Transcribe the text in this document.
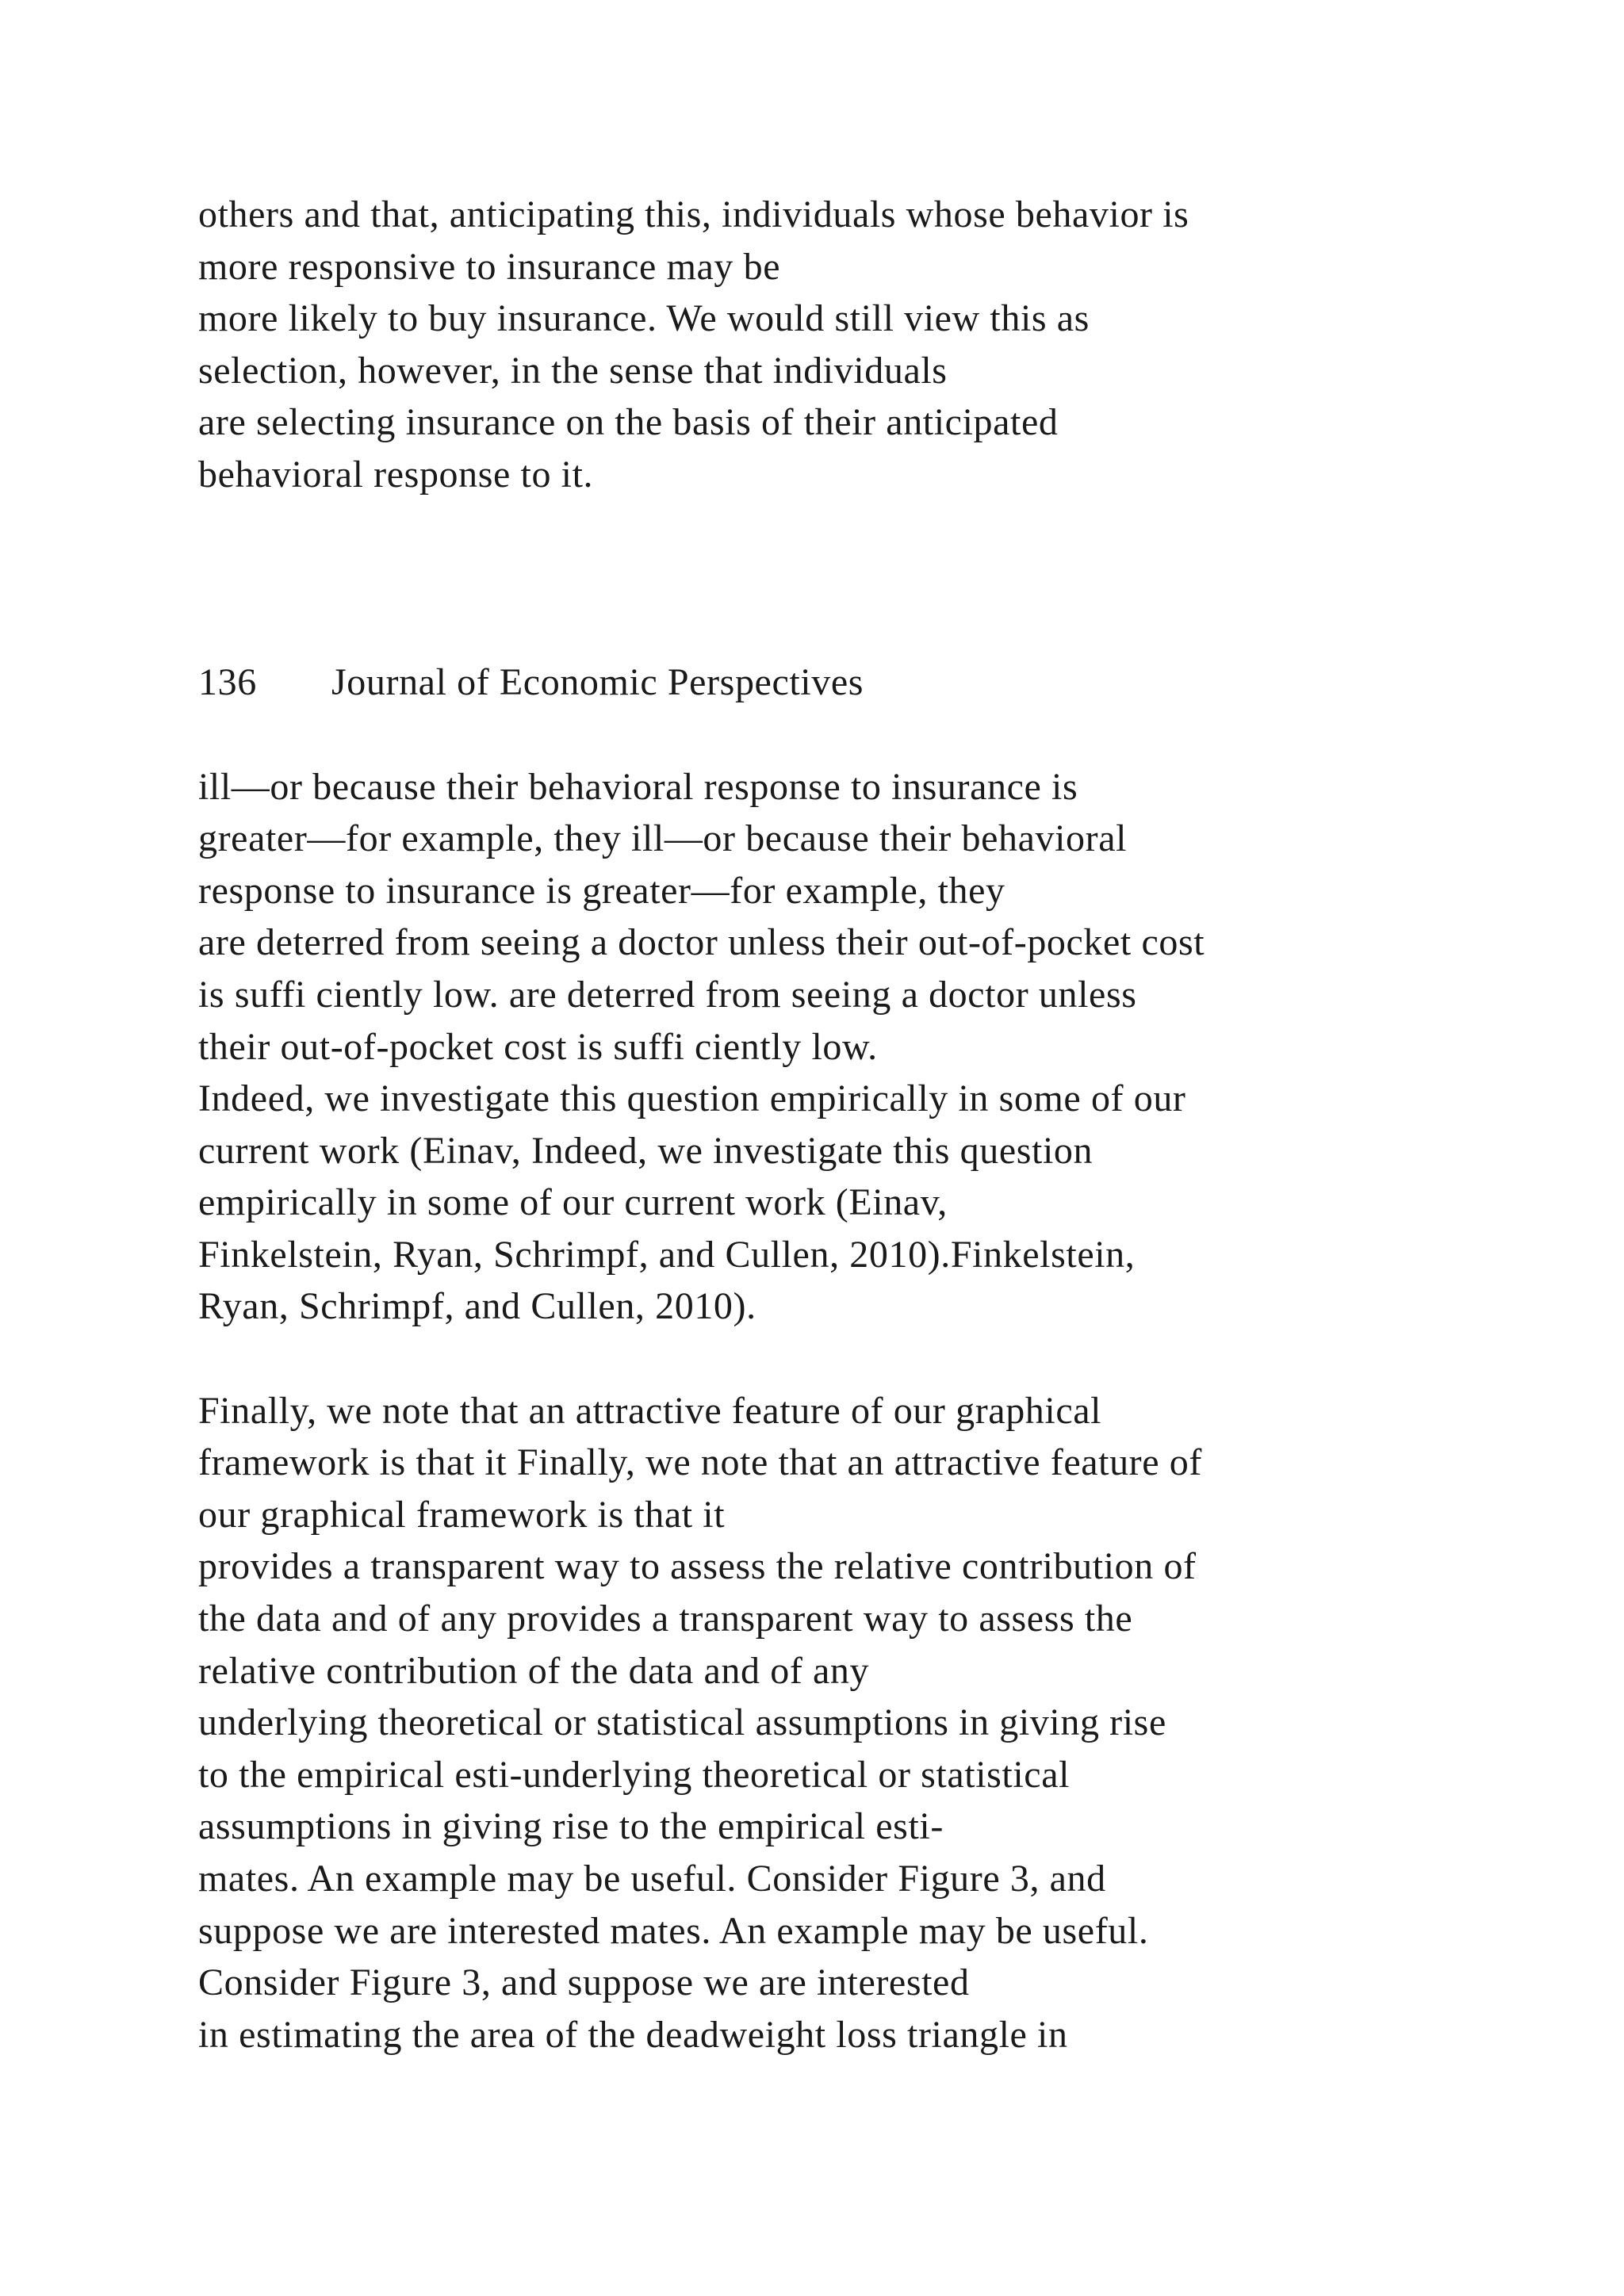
others and that, anticipating this, individuals whose behavior is
more responsive to insurance may be
more likely to buy insurance. We would still view this as
selection, however, in the sense that individuals
are selecting insurance on the basis of their anticipated
behavioral response to it.
136 Journal of Economic Perspectives
ill—or because their behavioral response to insurance is
greater—for example, they ill—or because their behavioral
response to insurance is greater—for example, they
are deterred from seeing a doctor unless their out-of-pocket cost
is suffi ciently low. are deterred from seeing a doctor unless
their out-of-pocket cost is suffi ciently low.
Indeed, we investigate this question empirically in some of our
current work (Einav, Indeed, we investigate this question
empirically in some of our current work (Einav,
Finkelstein, Ryan, Schrimpf, and Cullen, 2010).Finkelstein,
Ryan, Schrimpf, and Cullen, 2010).
Finally, we note that an attractive feature of our graphical
framework is that it Finally, we note that an attractive feature of
our graphical framework is that it
provides a transparent way to assess the relative contribution of
the data and of any provides a transparent way to assess the
relative contribution of the data and of any
underlying theoretical or statistical assumptions in giving rise
to the empirical esti-underlying theoretical or statistical
assumptions in giving rise to the empirical esti-
mates. An example may be useful. Consider Figure 3, and
suppose we are interested mates. An example may be useful.
Consider Figure 3, and suppose we are interested
in estimating the area of the deadweight loss triangle in
